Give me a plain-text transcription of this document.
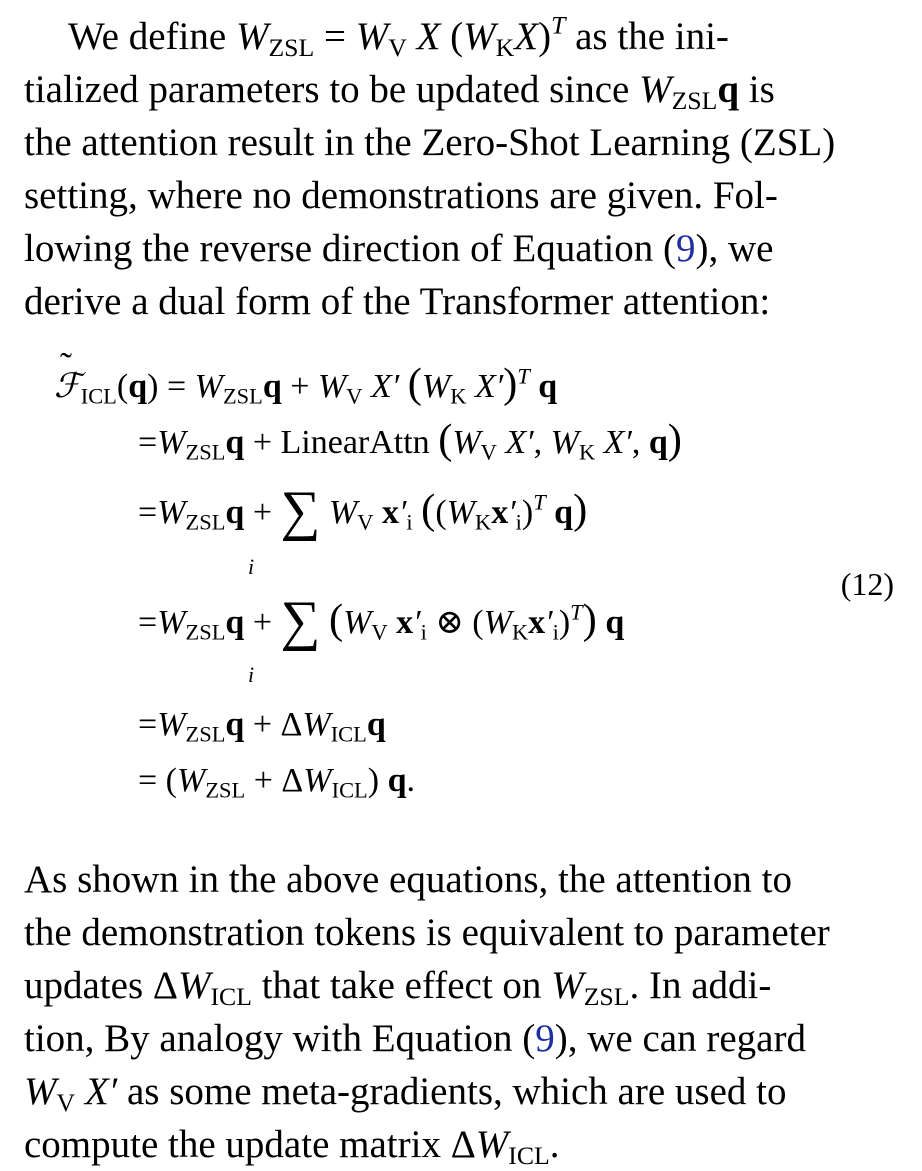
We define $W_{ZSL} = W_V$ X $(W_KX)^T$ as the ini-
tialized parameters to be updated since $W_{ZSL}q$ is
the attention result in the Zero-Shot Learning (ZSL)
setting, where no demonstrations are given. Fol-
lowing the reverse direction of Equation (9), we
derive a dual form of the Transformer attention:

˜ ℱ$_{ICL}$(q) = $W_{ZSL}q + W_V$ X′ ($W_K$ X′)$^T$ q
$=W_{ZSL}q$ + LinearAttn ($W_V$ X′, $W_K$ X′, q)
$=W_{ZSL}q$ + ∑ $W_V$ $x'_i$ ($(W_Kx'_i)^T$ q)
i
$=W_{ZSL}q$ + ∑ ($W_V$ $x'_i$ ⊗ $(W_Kx'_i)^T$) q
i
$=W_{ZSL}q + \Delta W_{ICL}q$
= $(W_{ZSL} + \Delta W_{ICL})$ q.
(12)

As shown in the above equations, the attention to
the demonstration tokens is equivalent to parameter
updates $\Delta W_{ICL}$ that take effect on $W_{ZSL}$. In addi-
tion, By analogy with Equation (9), we can regard
$W_V$ X′ as some meta-gradients, which are used to
compute the update matrix $\Delta W_{ICL}$.
